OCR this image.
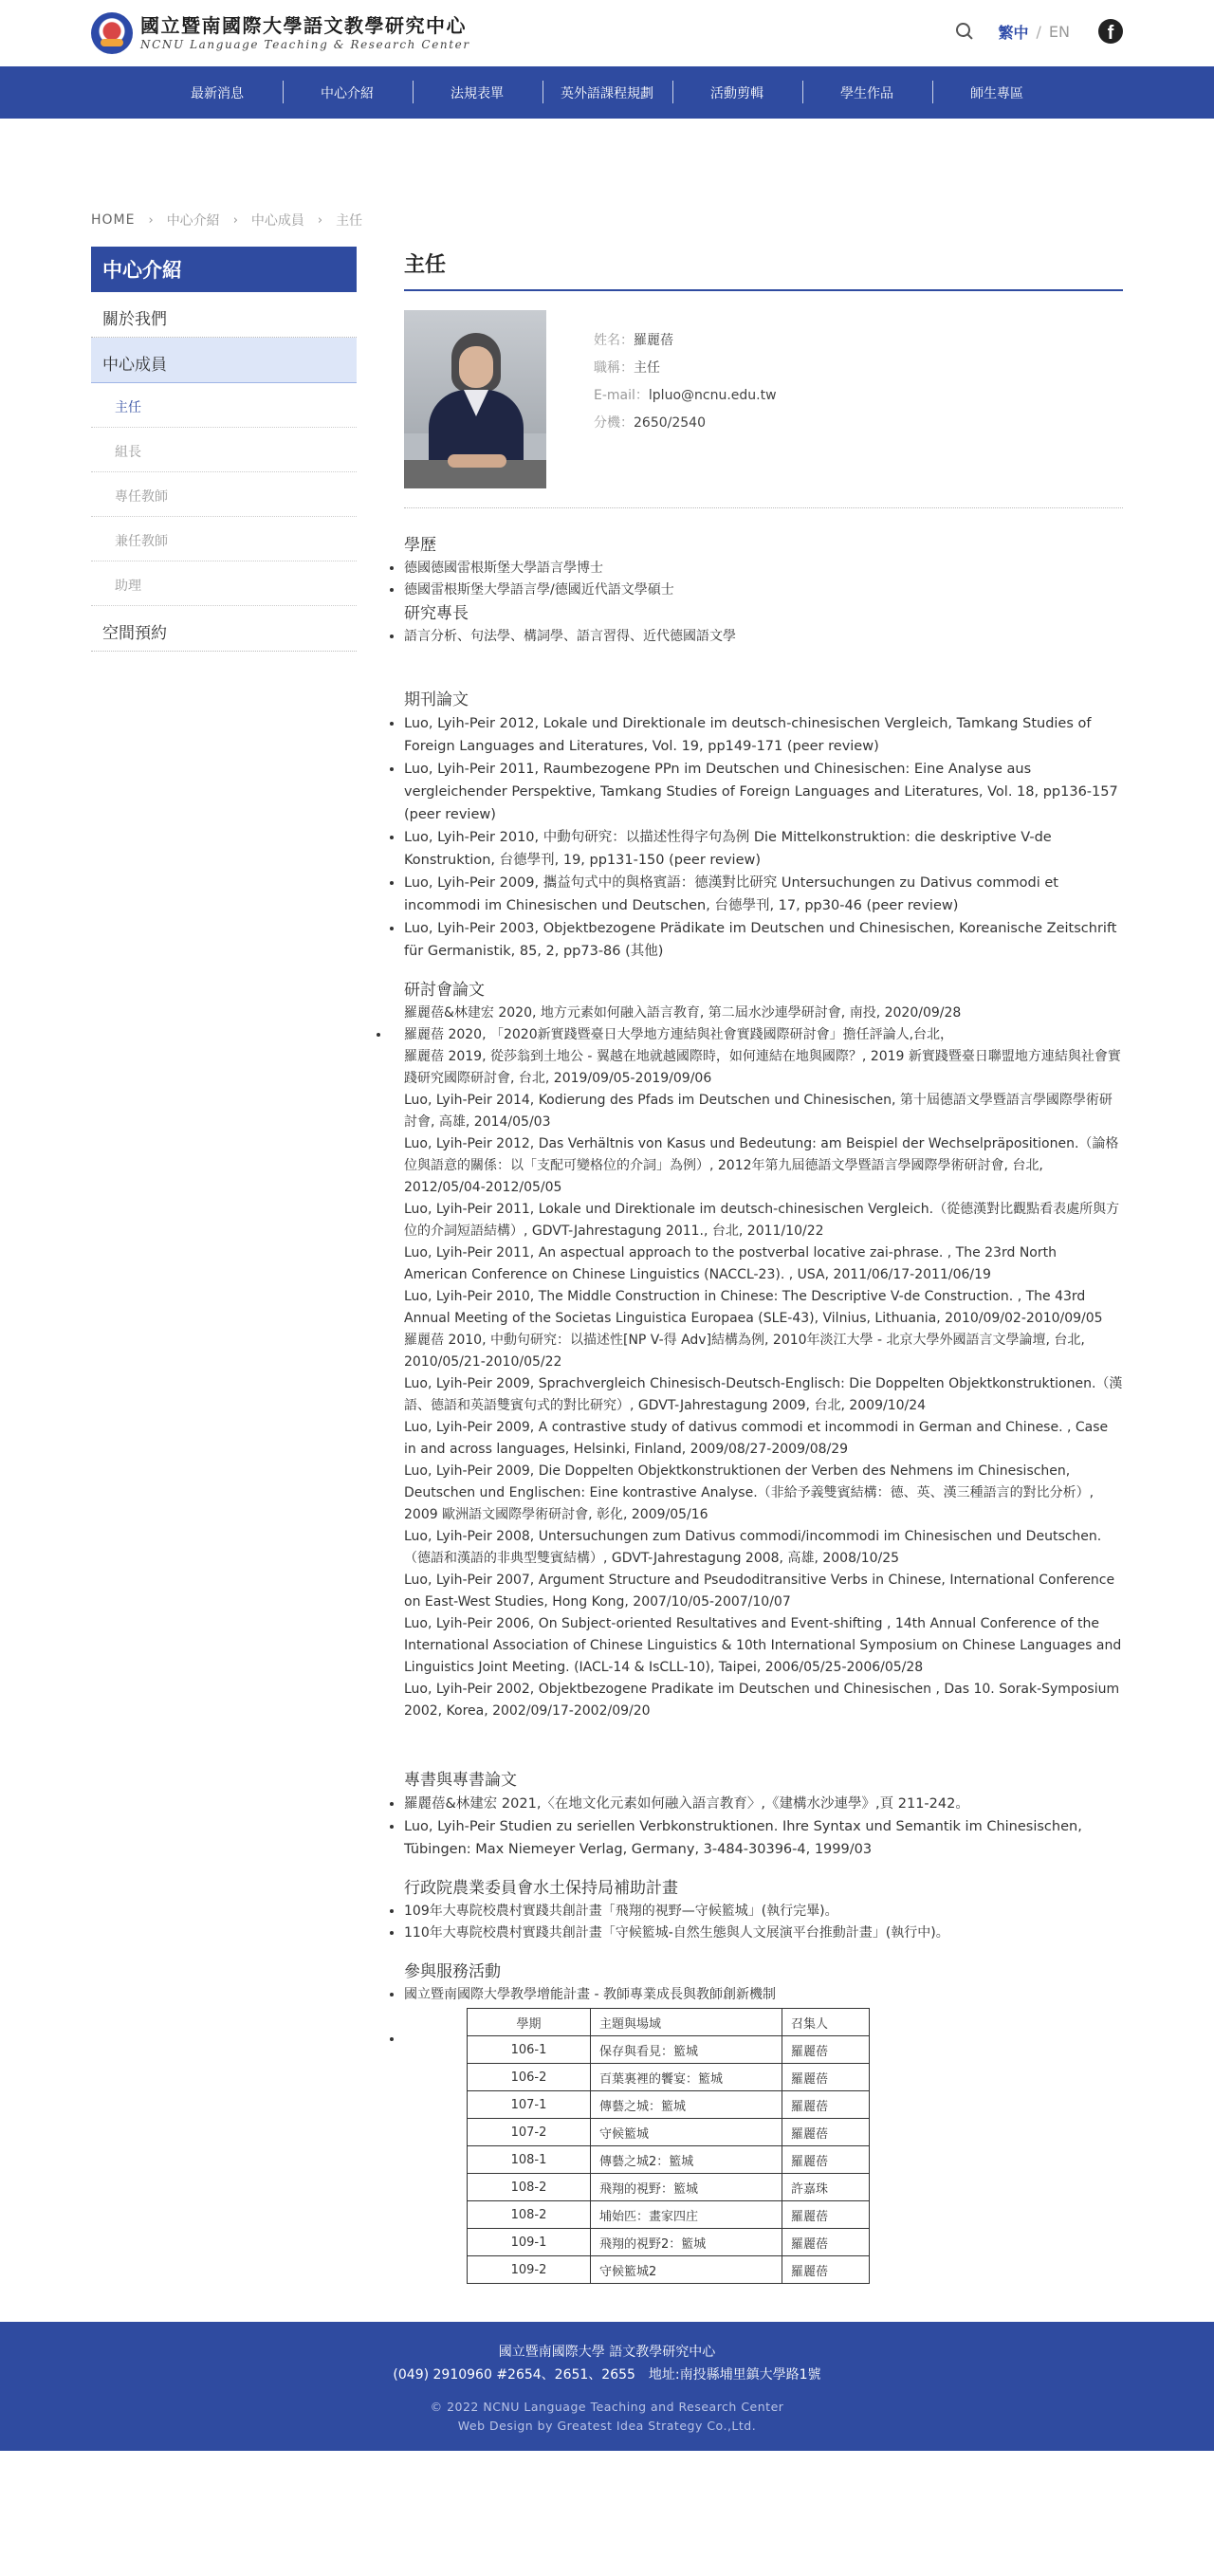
國立暨南國際大學語文教學研究中心
NCNU Language Teaching & Research Center
繁中 / EN	f
最新消息	中心介紹	法規表單	英外語課程規劃	活動剪輯	學生作品	師生專區
HOME › 中心介紹 › 中心成員 › 主任
中心介紹
關於我們
中心成員
主任
組長
專任教師
兼任教師
助理
空間預約
主任
姓名：羅麗蓓
職稱：主任
E-mail：lpluo@ncnu.edu.tw
分機：2650/2540
學歷
• 德國德國雷根斯堡大學語言學博士
• 德國雷根斯堡大學語言學/德國近代語文學碩士
研究專長
• 語言分析、句法學、構詞學、語言習得、近代德國語文學
期刊論文
• Luo, Lyih-Peir 2012, Lokale und Direktionale im deutsch-chinesischen Vergleich, Tamkang Studies of Foreign Languages and Literatures, Vol. 19, pp149-171 (peer review)
• Luo, Lyih-Peir 2011, Raumbezogene PPn im Deutschen und Chinesischen: Eine Analyse aus vergleichender Perspektive, Tamkang Studies of Foreign Languages and Literatures, Vol. 18, pp136-157 (peer review)
• Luo, Lyih-Peir 2010, 中動句研究：以描述性得字句為例 Die Mittelkonstruktion: die deskriptive V-de Konstruktion, 台德學刊, 19, pp131-150 (peer review)
• Luo, Lyih-Peir 2009, 攜益句式中的與格賓語：德漢對比研究 Untersuchungen zu Dativus commodi et incommodi im Chinesischen und Deutschen, 台德學刊, 17, pp30-46 (peer review)
• Luo, Lyih-Peir 2003, Objektbezogene Prädikate im Deutschen und Chinesischen, Koreanische Zeitschrift für Germanistik, 85, 2, pp73-86 (其他)
研討會論文
羅麗蓓&林建宏 2020, 地方元素如何融入語言教育, 第二屆水沙連學研討會, 南投, 2020/09/28
• 羅麗蓓 2020, 「2020新實踐暨臺日大學地方連結與社會實踐國際研討會」擔任評論人,台北，
羅麗蓓 2019, 從莎翁到土地公 - 翼越在地就越國際時，如何連結在地與國際？, 2019 新實踐暨臺日聯盟地方連結與社會實踐研究國際研討會, 台北, 2019/09/05-2019/09/06
Luo, Lyih-Peir 2014, Kodierung des Pfads im Deutschen und Chinesischen, 第十屆德語文學暨語言學國際學術研討會, 高雄, 2014/05/03
Luo, Lyih-Peir 2012, Das Verhältnis von Kasus und Bedeutung: am Beispiel der Wechselpräpositionen.（論格位與語意的關係：以「支配可變格位的介詞」為例）, 2012年第九屆德語文學暨語言學國際學術研討會, 台北, 2012/05/04-2012/05/05
Luo, Lyih-Peir 2011, Lokale und Direktionale im deutsch-chinesischen Vergleich.（從德漢對比觀點看表處所與方位的介詞短語結構）, GDVT-Jahrestagung 2011., 台北, 2011/10/22
Luo, Lyih-Peir 2011, An aspectual approach to the postverbal locative zai-phrase. , The 23rd North American Conference on Chinese Linguistics (NACCL-23). , USA, 2011/06/17-2011/06/19
Luo, Lyih-Peir 2010, The Middle Construction in Chinese: The Descriptive V-de Construction. , The 43rd Annual Meeting of the Societas Linguistica Europaea (SLE-43), Vilnius, Lithuania, 2010/09/02-2010/09/05
羅麗蓓 2010, 中動句研究：以描述性[NP V-得 Adv]結構為例, 2010年淡江大學 - 北京大學外國語言文學論壇, 台北, 2010/05/21-2010/05/22
Luo, Lyih-Peir 2009, Sprachvergleich Chinesisch-Deutsch-Englisch: Die Doppelten Objektkonstruktionen.（漢語、德語和英語雙賓句式的對比研究）, GDVT-Jahrestagung 2009, 台北, 2009/10/24
Luo, Lyih-Peir 2009, A contrastive study of dativus commodi et incommodi in German and Chinese. , Case in and across languages, Helsinki, Finland, 2009/08/27-2009/08/29
Luo, Lyih-Peir 2009, Die Doppelten Objektkonstruktionen der Verben des Nehmens im Chinesischen, Deutschen und Englischen: Eine kontrastive Analyse.（非給予義雙賓結構：德、英、漢三種語言的對比分析）, 2009 歐洲語文國際學術研討會, 彰化, 2009/05/16
Luo, Lyih-Peir 2008, Untersuchungen zum Dativus commodi/incommodi im Chinesischen und Deutschen.（德語和漢語的非典型雙賓結構）, GDVT-Jahrestagung 2008, 高雄, 2008/10/25
Luo, Lyih-Peir 2007, Argument Structure and Pseudoditransitive Verbs in Chinese, International Conference on East-West Studies, Hong Kong, 2007/10/05-2007/10/07
Luo, Lyih-Peir 2006, On Subject-oriented Resultatives and Event-shifting , 14th Annual Conference of the International Association of Chinese Linguistics & 10th International Symposium on Chinese Languages and Linguistics Joint Meeting. (IACL-14 & IsCLL-10), Taipei, 2006/05/25-2006/05/28
Luo, Lyih-Peir 2002, Objektbezogene Pradikate im Deutschen und Chinesischen , Das 10. Sorak-Symposium 2002, Korea, 2002/09/17-2002/09/20
專書與專書論文
• 羅麗蓓&林建宏 2021,〈在地文化元素如何融入語言教育〉,《建構水沙連學》,頁 211-242。
• Luo, Lyih-Peir Studien zu seriellen Verbkonstruktionen. Ihre Syntax und Semantik im Chinesischen, Tübingen: Max Niemeyer Verlag, Germany, 3-484-30396-4, 1999/03
行政院農業委員會水土保持局補助計畫
• 109年大專院校農村實踐共創計畫「飛翔的視野—守候籃城」(執行完畢)。
• 110年大專院校農村實踐共創計畫「守候籃城-自然生態與人文展演平台推動計畫」(執行中)。
參與服務活動
• 國立暨南國際大學教學增能計畫 - 教師專業成長與教師創新機制
•
學期	主題與場域	召集人
106-1	保存與看見：籃城	羅麗蓓
106-2	百葉裏裡的饗宴：籃城	羅麗蓓
107-1	傳藝之城：籃城	羅麗蓓
107-2	守候籃城	羅麗蓓
108-1	傳藝之城2：籃城	羅麗蓓
108-2	飛翔的視野：籃城	許嘉珠
108-2	埔始匹：畫家四庄	羅麗蓓
109-1	飛翔的視野2：籃城	羅麗蓓
109-2	守候籃城2	羅麗蓓
國立暨南國際大學 語文教學研究中心
(049) 2910960 #2654、2651、2655　地址:南投縣埔里鎮大學路1號
© 2022 NCNU Language Teaching and Research Center
Web Design by Greatest Idea Strategy Co.,Ltd.
